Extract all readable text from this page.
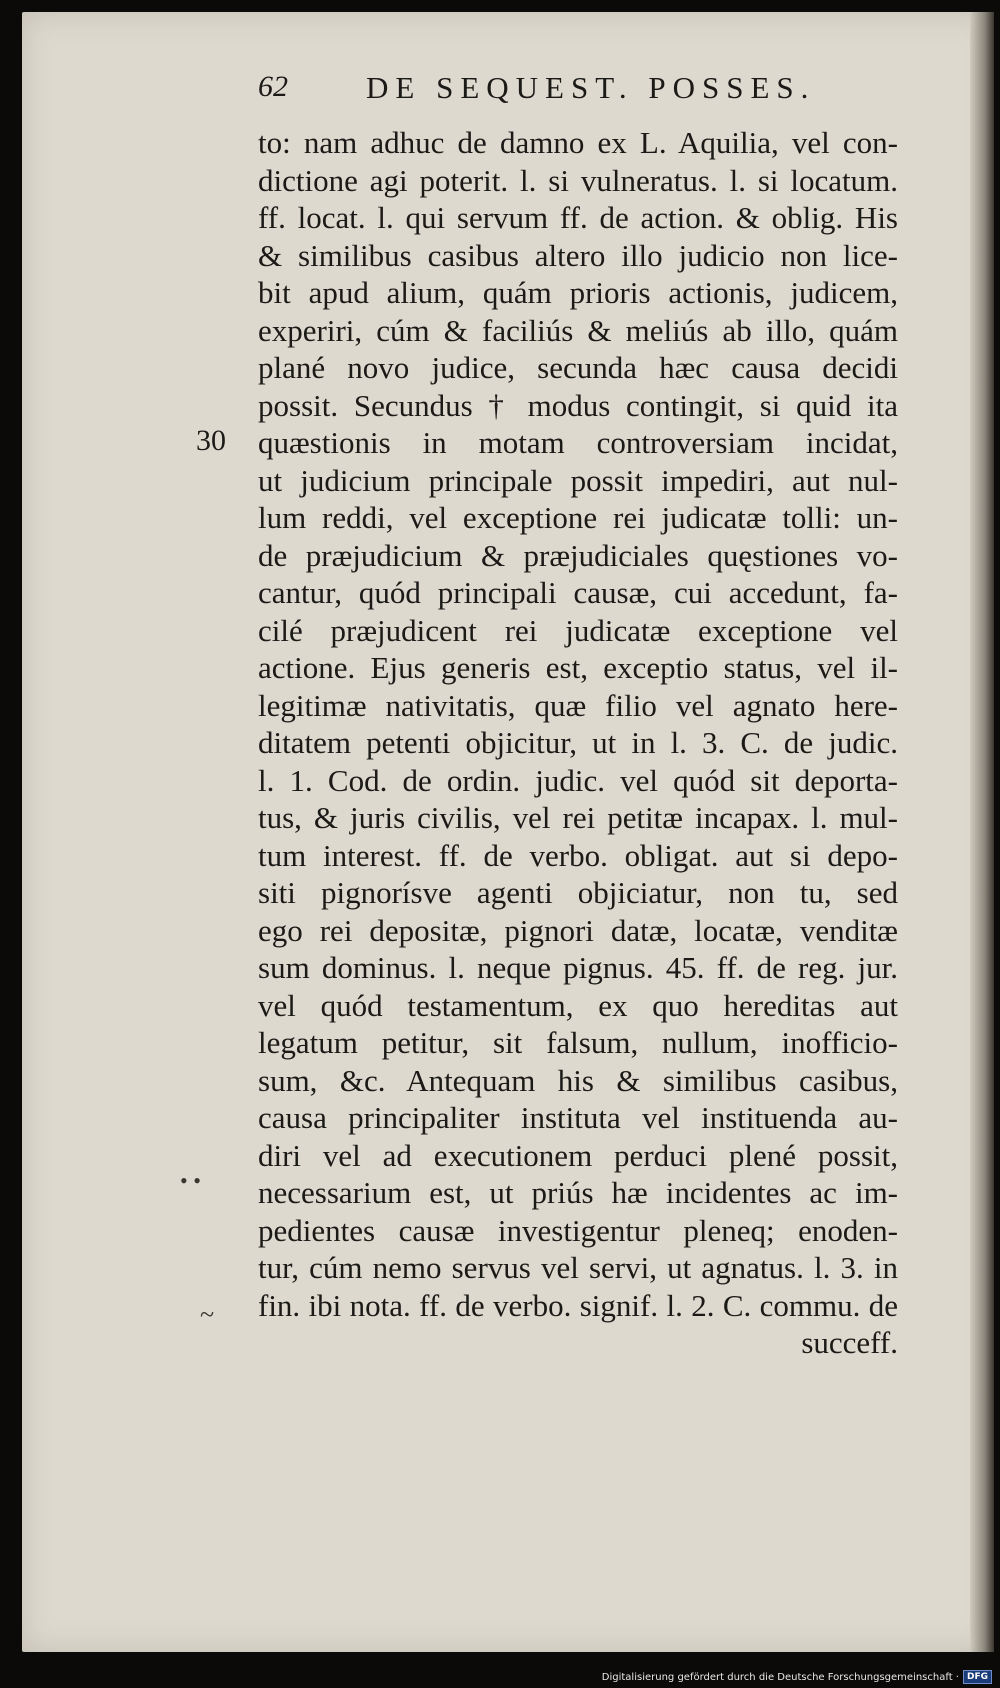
62	DE SEQUEST. POSSES.
30
• •
~
to: nam adhuc de damno ex L. Aquilia, vel con-
dictione agi poterit. l. si vulneratus. l. si locatum.
ff. locat. l. qui servum ff. de action. & oblig. His
& similibus casibus altero illo judicio non lice-
bit apud alium, quám prioris actionis, judicem,
experiri, cúm & faciliús & meliús ab illo, quám
plané novo judice, secunda hæc causa decidi
possit. Secundus † modus contingit, si quid ita
quæstionis in motam controversiam incidat,
ut judicium principale possit impediri, aut nul-
lum reddi, vel exceptione rei judicatæ tolli: un-
de præjudicium & præjudiciales quęstiones vo-
cantur, quód principali causæ, cui accedunt, fa-
cilé præjudicent rei judicatæ exceptione vel
actione. Ejus generis est, exceptio status, vel il-
legitimæ nativitatis, quæ filio vel agnato here-
ditatem petenti objicitur, ut in l. 3. C. de judic.
l. 1. Cod. de ordin. judic. vel quód sit deporta-
tus, & juris civilis, vel rei petitæ incapax. l. mul-
tum interest. ff. de verbo. obligat. aut si depo-
siti pignorísve agenti objiciatur, non tu, sed
ego rei depositæ, pignori datæ, locatæ, venditæ
sum dominus. l. neque pignus. 45. ff. de reg. jur.
vel quód testamentum, ex quo hereditas aut
legatum petitur, sit falsum, nullum, inofficio-
sum, &c. Antequam his & similibus casibus,
causa principaliter instituta vel instituenda au-
diri vel ad executionem perduci plené possit,
necessarium est, ut priús hæ incidentes ac im-
pedientes causæ investigentur pleneq; enoden-
tur, cúm nemo servus vel servi, ut agnatus. l. 3. in
fin. ibi nota. ff. de verbo. signif. l. 2. C. commu. de
succeff.
Digitalisierung gefördert durch die Deutsche Forschungsgemeinschaft · DFG
